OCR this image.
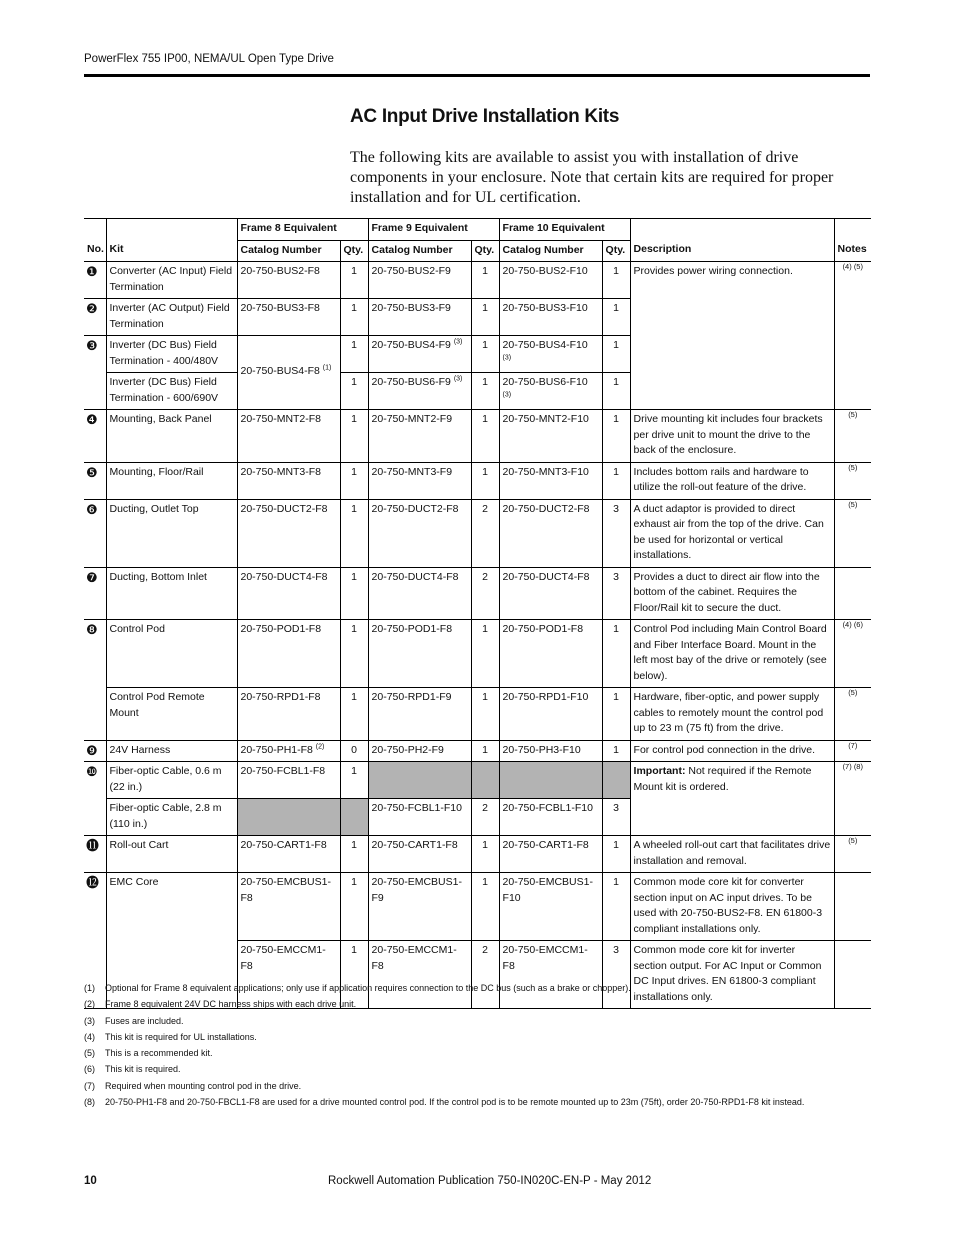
PowerFlex 755 IP00, NEMA/UL Open Type Drive
AC Input Drive Installation Kits

The following kits are available to assist you with installation of drive components in your enclosure. Note that certain kits are required for proper installation and for UL certification.

		Frame 8 Equivalent		Frame 9 Equivalent		Frame 10 Equivalent			
No.	Kit	Catalog Number	Qty.	Catalog Number	Qty.	Catalog Number	Qty.	Description	Notes
❶	Converter (AC Input) Field Termination	20-750-BUS2-F8	1	20-750-BUS2-F9	1	20-750-BUS2-F10	1	Provides power wiring connection.	(4) (5)
❷	Inverter (AC Output) Field Termination	20-750-BUS3-F8	1	20-750-BUS3-F9	1	20-750-BUS3-F10	1		
❸	Inverter (DC Bus) Field Termination - 400/480V	20-750-BUS4-F8 $^{(1)}$	1	20-750-BUS4-F9 $^{(3)}$	1	20-750-BUS4-F10 $^{(3)}$	1		
	Inverter (DC Bus) Field Termination - 600/690V		1	20-750-BUS6-F9 $^{(3)}$	1	20-750-BUS6-F10 $^{(3)}$	1		
❹	Mounting, Back Panel	20-750-MNT2-F8	1	20-750-MNT2-F9	1	20-750-MNT2-F10	1	Drive mounting kit includes four brackets per drive unit to mount the drive to the back of the enclosure.	(5)
❺	Mounting, Floor/Rail	20-750-MNT3-F8	1	20-750-MNT3-F9	1	20-750-MNT3-F10	1	Includes bottom rails and hardware to utilize the roll-out feature of the drive.	(5)
❻	Ducting, Outlet Top	20-750-DUCT2-F8	1	20-750-DUCT2-F8	2	20-750-DUCT2-F8	3	A duct adaptor is provided to direct exhaust air from the top of the drive. Can be used for horizontal or vertical installations.	(5)
❼	Ducting, Bottom Inlet	20-750-DUCT4-F8	1	20-750-DUCT4-F8	2	20-750-DUCT4-F8	3	Provides a duct to direct air flow into the bottom of the cabinet. Requires the Floor/Rail kit to secure the duct.	
❽	Control Pod	20-750-POD1-F8	1	20-750-POD1-F8	1	20-750-POD1-F8	1	Control Pod including Main Control Board and Fiber Interface Board. Mount in the left most bay of the drive or remotely (see below).	(4) (6)
	Control Pod Remote Mount	20-750-RPD1-F8	1	20-750-RPD1-F9	1	20-750-RPD1-F10	1	Hardware, fiber-optic, and power supply cables to remotely mount the control pod up to 23 m (75 ft) from the drive.	(5)
❾	24V Harness	20-750-PH1-F8 $^{(2)}$	0	20-750-PH2-F9	1	20-750-PH3-F10	1	For control pod connection in the drive.	(7)
❿	Fiber-optic Cable, 0.6 m (22 in.)	20-750-FCBL1-F8	1					Important: Not required if the Remote Mount kit is ordered.	(7) (8)
	Fiber-optic Cable, 2.8 m (110 in.)			20-750-FCBL1-F10	2	20-750-FCBL1-F10	3		
⓫	Roll-out Cart	20-750-CART1-F8	1	20-750-CART1-F8	1	20-750-CART1-F8	1	A wheeled roll-out cart that facilitates drive installation and removal.	(5)
⓬	EMC Core	20-750-EMCBUS1-F8	1	20-750-EMCBUS1-F9	1	20-750-EMCBUS1-F10	1	Common mode core kit for converter section input on AC input drives. To be used with 20-750-BUS2-F8. EN 61800-3 compliant installations only.	
		20-750-EMCCM1-F8	1	20-750-EMCCM1-F8	2	20-750-EMCCM1-F8	3	Common mode core kit for inverter section output. For AC Input or Common DC Input drives. EN 61800-3 compliant installations only.	
(1) Optional for Frame 8 equivalent applications; only use if application requires connection to the DC bus (such as a brake or chopper).
(2) Frame 8 equivalent 24V DC harness ships with each drive unit.
(3) Fuses are included.
(4) This kit is required for UL installations.
(5) This is a recommended kit.
(6) This kit is required.
(7) Required when mounting control pod in the drive.
(8) 20-750-PH1-F8 and 20-750-FBCL1-F8 are used for a drive mounted control pod. If the control pod is to be remote mounted up to 23m (75ft), order 20-750-RPD1-F8 kit instead.
10	Rockwell Automation Publication 750-IN020C-EN-P - May 2012
